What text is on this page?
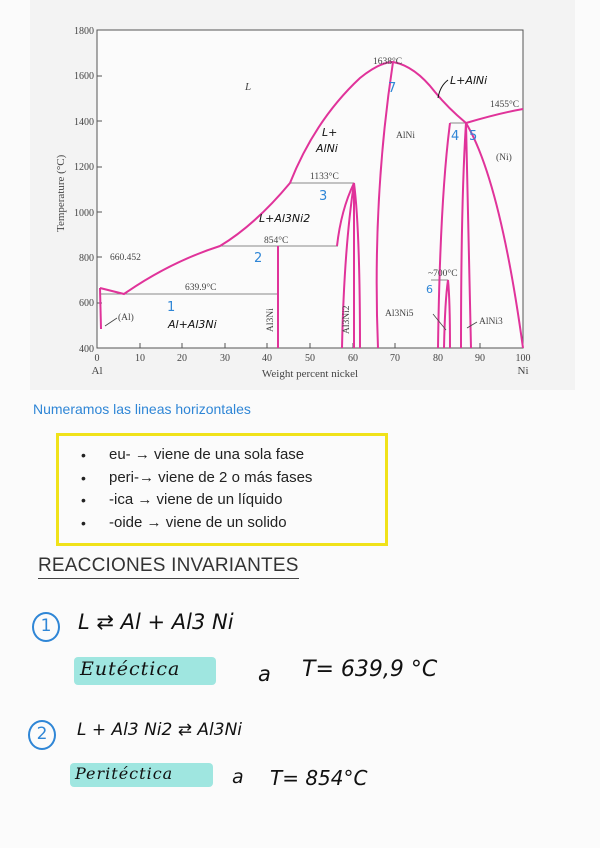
1800
1600
1400
1200
1000
800
600
400
Temperature (°C)
0	10	20	30	40	50	60	70	80	90	100
Al	Ni
Weight percent nickel
L
1638°C
1455°C
AlNi
(Ni)
1133°C
854°C
660.452
639.9°C
~700°C
(Al)	Al3Ni5
AlNi3
Al3Ni	Al3Ni2
L+AlNi
L+
AlNi
L+Al3Ni2
Al+Al3Ni
1
2
3
4 5
6
7
Numeramos las lineas horizontales
• eu- → viene de una sola fase
• peri-→ viene de 2 o más fases
• -ica → viene de un líquido
• -oide → viene de un solido
REACCIONES INVARIANTES
1	L ⇄ Al + Al3 Ni
Eutéctica	a T= 639,9 °C
2	L + Al3 Ni2 ⇄ Al3Ni
Peritéctica	a T= 854°C
